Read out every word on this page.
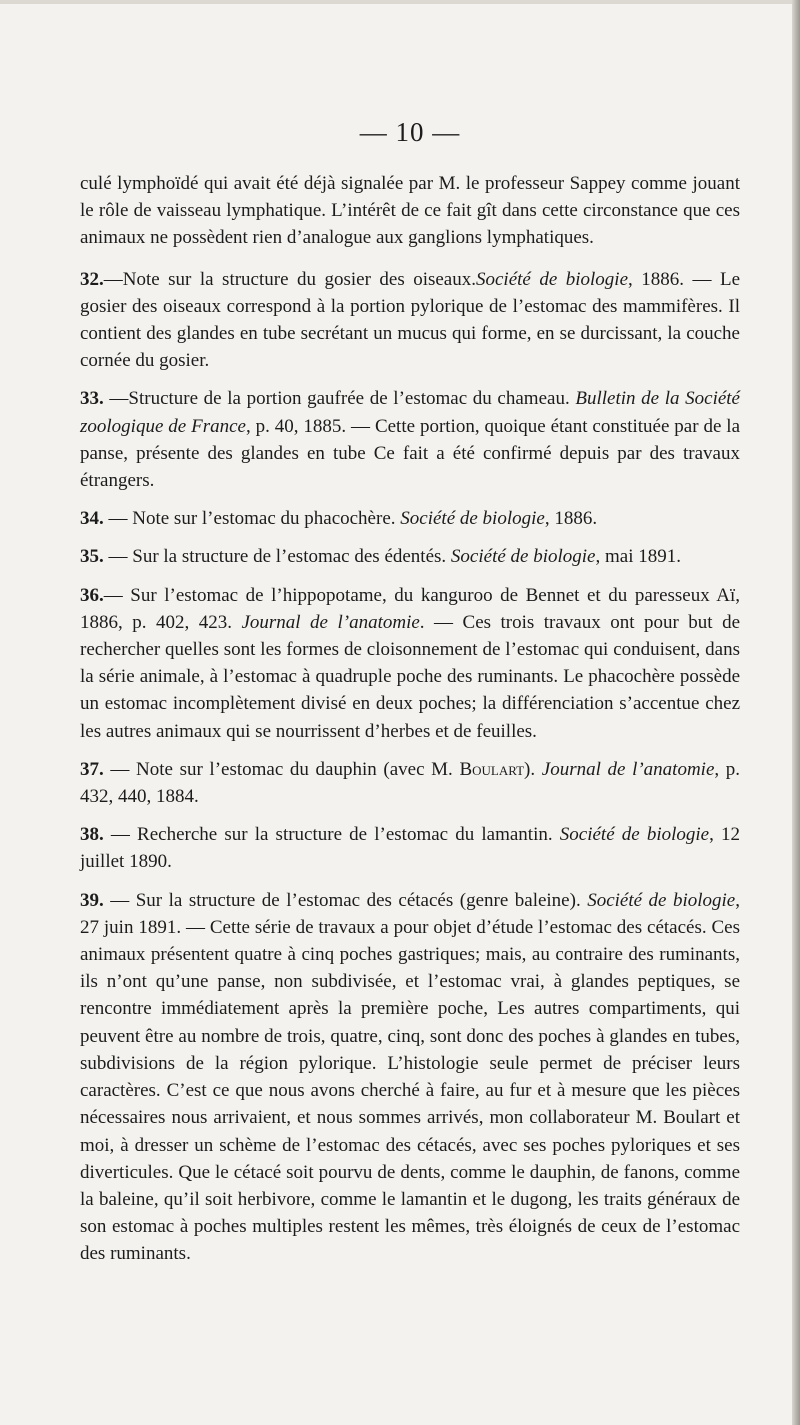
— 10 —

culé lymphoïdé qui avait été déjà signalée par M. le professeur Sappey comme jouant le rôle de vaisseau lymphatique. L’intérêt de ce fait gît dans cette circonstance que ces animaux ne possèdent rien d’analogue aux ganglions lymphatiques.

32.—Note sur la structure du gosier des oiseaux.Société de biologie, 1886. — Le gosier des oiseaux correspond à la portion pylorique de l’estomac des mammifères. Il contient des glandes en tube secrétant un mucus qui forme, en se durcissant, la couche cornée du gosier.

33. —Structure de la portion gaufrée de l’estomac du chameau. Bulletin de la Société zoologique de France, p. 40, 1885. — Cette portion, quoique étant constituée par de la panse, présente des glandes en tube Ce fait a été confirmé depuis par des travaux étrangers.

34. — Note sur l’estomac du phacochère. Société de biologie, 1886.

35. — Sur la structure de l’estomac des édentés. Société de biologie, mai 1891.

36.— Sur l’estomac de l’hippopotame, du kanguroo de Bennet et du paresseux Aï, 1886, p. 402, 423. Journal de l’anatomie. — Ces trois travaux ont pour but de rechercher quelles sont les formes de cloisonnement de l’estomac qui conduisent, dans la série animale, à l’estomac à quadruple poche des ruminants. Le phacochère possède un estomac incomplètement divisé en deux poches; la différenciation s’accentue chez les autres animaux qui se nourrissent d’herbes et de feuilles.

37. — Note sur l’estomac du dauphin (avec M. Boulart). Journal de l’anatomie, p. 432, 440, 1884.

38. — Recherche sur la structure de l’estomac du lamantin. Société de biologie, 12 juillet 1890.

39. — Sur la structure de l’estomac des cétacés (genre baleine). Société de biologie, 27 juin 1891. — Cette série de travaux a pour objet d’étude l’estomac des cétacés. Ces animaux présentent quatre à cinq poches gastriques; mais, au contraire des ruminants, ils n’ont qu’une panse, non subdivisée, et l’estomac vrai, à glandes peptiques, se rencontre immédiatement après la première poche, Les autres compartiments, qui peuvent être au nombre de trois, quatre, cinq, sont donc des poches à glandes en tubes, subdivisions de la région pylorique. L’histologie seule permet de préciser leurs caractères. C’est ce que nous avons cherché à faire, au fur et à mesure que les pièces nécessaires nous arrivaient, et nous sommes arrivés, mon collaborateur M. Boulart et moi, à dresser un schème de l’estomac des cétacés, avec ses poches pyloriques et ses diverticules. Que le cétacé soit pourvu de dents, comme le dauphin, de fanons, comme la baleine, qu’il soit herbivore, comme le lamantin et le dugong, les traits généraux de son estomac à poches multiples restent les mêmes, très éloignés de ceux de l’estomac des ruminants.
